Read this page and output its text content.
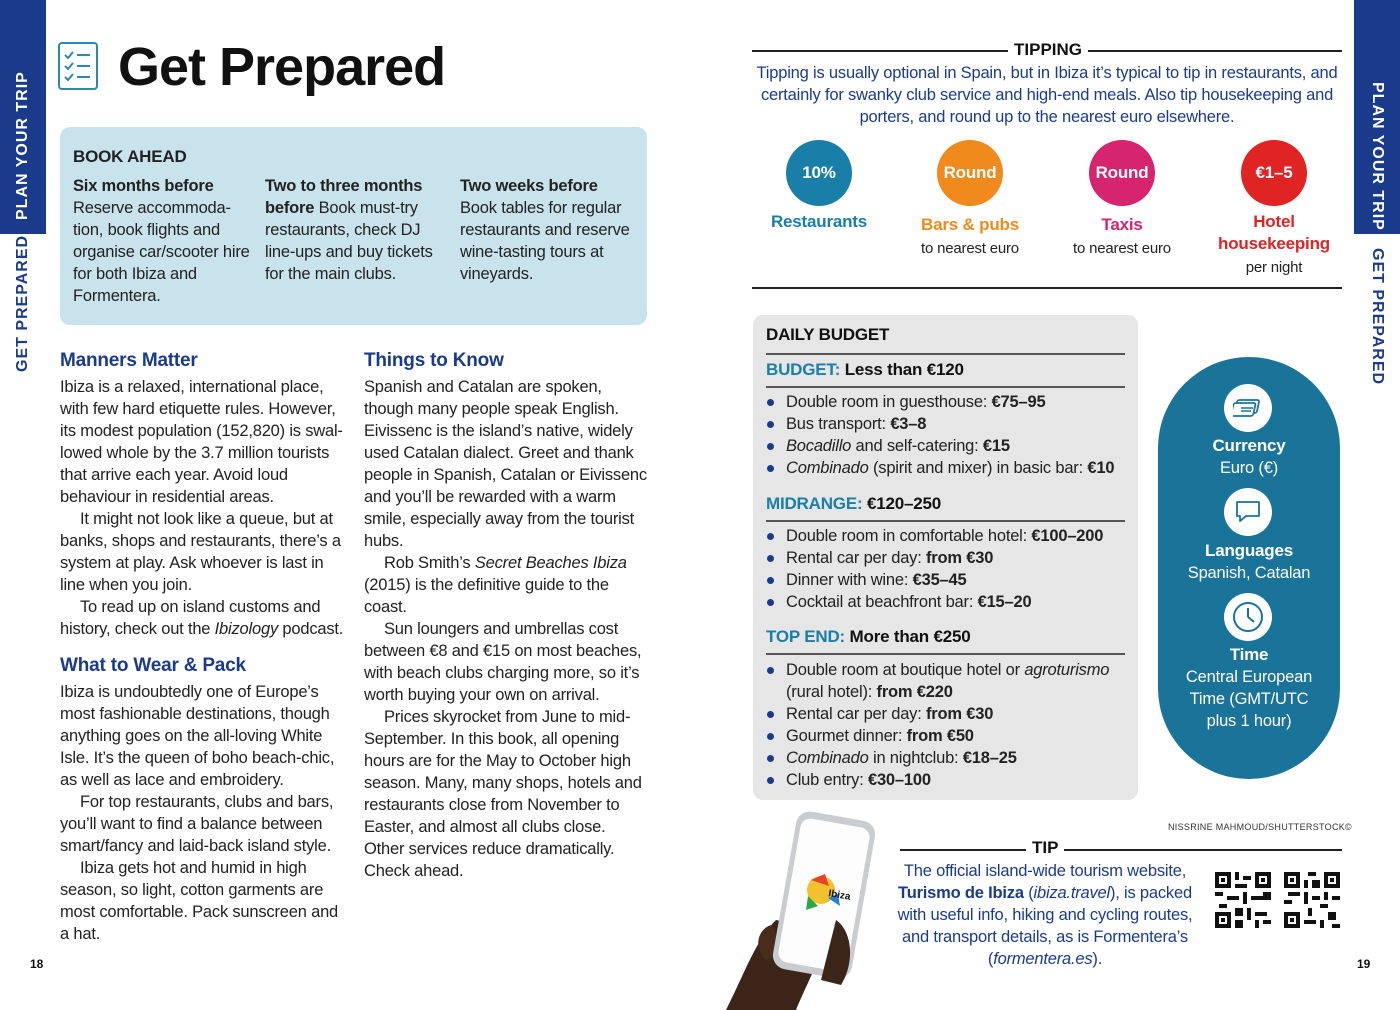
PLAN YOUR TRIP
GET PREPARED
PLAN YOUR TRIP
GET PREPARED
Get Prepared
BOOK AHEAD
Six months before
Reserve accommoda-tion, book flights and organise car/scooter hire for both Ibiza and Formentera.
Two to three months before Book must-try restaurants, check DJ line-ups and buy tickets for the main clubs.
Two weeks before
Book tables for regular restaurants and reserve wine-tasting tours at vineyards.
Manners Matter

Ibiza is a relaxed, international place, with few hard etiquette rules. However, its modest population (152,820) is swal-lowed whole by the 3.7 million tourists that arrive each year. Avoid loud behaviour in residential areas.

It might not look like a queue, but at banks, shops and restaurants, there’s a system at play. Ask whoever is last in line when you join.

To read up on island customs and history, check out the Ibizology podcast.

What to Wear & Pack

Ibiza is undoubtedly one of Europe’s most fashionable destinations, though anything goes on the all-loving White Isle. It’s the queen of boho beach-chic, as well as lace and embroidery.

For top restaurants, clubs and bars, you’ll want to find a balance between smart/fancy and laid-back island style.

Ibiza gets hot and humid in high season, so light, cotton garments are most comfortable. Pack sunscreen and a hat.

Things to Know

Spanish and Catalan are spoken, though many people speak English. Eivissenc is the island’s native, widely used Catalan dialect. Greet and thank people in Spanish, Catalan or Eivissenc and you’ll be rewarded with a warm smile, especially away from the tourist hubs.

Rob Smith’s Secret Beaches Ibiza (2015) is the definitive guide to the coast.

Sun loungers and umbrellas cost between €8 and €15 on most beaches, with beach clubs charging more, so it’s worth buying your own on arrival.

Prices skyrocket from June to mid-September. In this book, all opening hours are for the May to October high season. Many, many shops, hotels and restaurants close from November to Easter, and almost all clubs close. Other services reduce dramatically. Check ahead.

18	19
TIPPING
Tipping is usually optional in Spain, but in Ibiza it’s typical to tip in restaurants, and certainly for swanky club service and high-end meals. Also tip housekeeping and porters, and round up to the nearest euro elsewhere.
10%
Restaurants
Round
Bars & pubs
to nearest euro
Round
Taxis
to nearest euro
€1–5
Hotel housekeeping
per night
DAILY BUDGET
BUDGET: Less than €120
Double room in guesthouse: €75–95
Bus transport: €3–8
Bocadillo and self-catering: €15
Combinado (spirit and mixer) in basic bar: €10
MIDRANGE: €120–250
Double room in comfortable hotel: €100–200
Rental car per day: from €30
Dinner with wine: €35–45
Cocktail at beachfront bar: €15–20
TOP END: More than €250
Double room at boutique hotel or agroturismo (rural hotel): from €220
Rental car per day: from €30
Gourmet dinner: from €50
Combinado in nightclub: €18–25
Club entry: €30–100
Currency
Euro (€)
Languages
Spanish, Catalan
Time
Central European Time (GMT/UTC plus 1 hour)
Ibiza
NISSRINE MAHMOUD/SHUTTERSTOCK©
TIP
The official island-wide tourism website, Turismo de Ibiza (ibiza.travel), is packed with useful info, hiking and cycling routes, and transport details, as is Formentera’s (formentera.es).
